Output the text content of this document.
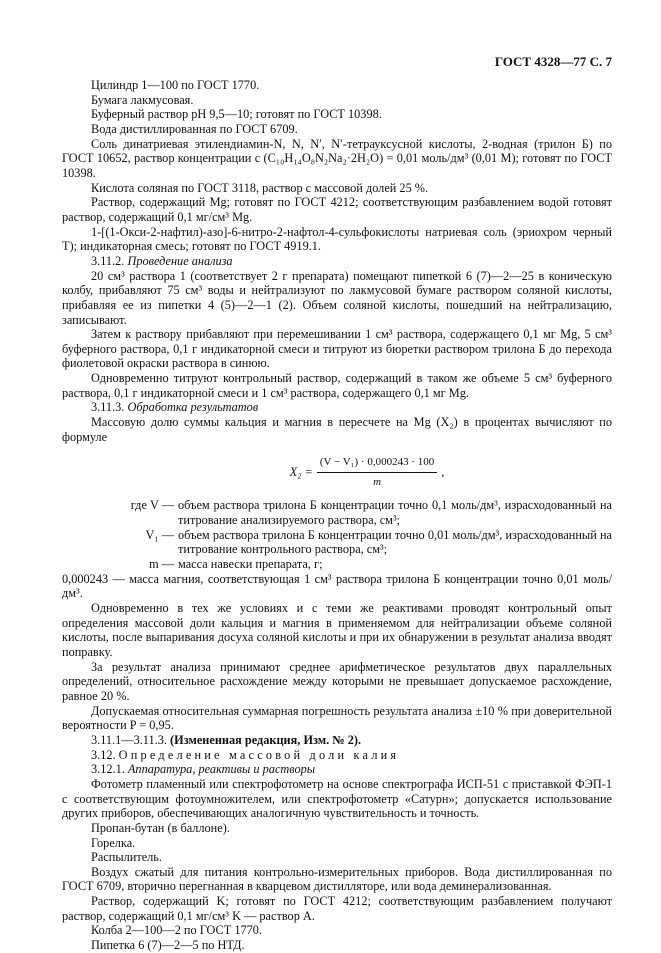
ГОСТ 4328—77 С. 7

Цилиндр 1—100 по ГОСТ 1770.

Бумага лакмусовая.

Буферный раствор pH 9,5—10; готовят по ГОСТ 10398.

Вода дистиллированная по ГОСТ 6709.

Соль динатриевая этилендиамин-N, N, N′, N′-тетрауксусной кислоты, 2-водная (трилон Б) по ГОСТ 10652, раствор концентрации с (C₁₀H₁₄O₈N₂Na₂·2H₂O) = 0,01 моль/дм³ (0,01 М); готовят по ГОСТ 10398.

Кислота соляная по ГОСТ 3118, раствор с массовой долей 25 %.

Раствор, содержащий Mg; готовят по ГОСТ 4212; соответствующим разбавлением водой готовят раствор, содержащий 0,1 мг/см³ Mg.

1-[(1-Окси-2-нафтил)-азо]-6-нитро-2-нафтол-4-сульфокислоты натриевая соль (эриохром черный Т); индикаторная смесь; готовят по ГОСТ 4919.1.

3.11.2. Проведение анализа

20 см³ раствора 1 (соответствует 2 г препарата) помещают пипеткой 6 (7)—2—25 в коническую колбу, прибавляют 75 см³ воды и нейтрализуют по лакмусовой бумаге раствором соляной кислоты, прибавляя ее из пипетки 4 (5)—2—1 (2). Объем соляной кислоты, пошедший на нейтрализацию, записывают.

Затем к раствору прибавляют при перемешивании 1 см³ раствора, содержащего 0,1 мг Mg, 5 см³ буферного раствора, 0,1 г индикаторной смеси и титруют из бюретки раствором трилона Б до перехода фиолетовой окраски раствора в синюю.

Одновременно титруют контрольный раствор, содержащий в таком же объеме 5 см³ буферного раствора, 0,1 г индикаторной смеси и 1 см³ раствора, содержащего 0,1 мг Mg.

3.11.3. Обработка результатов

Массовую долю суммы кальция и магния в пересчете на Mg (X₂) в процентах вычисляют по формуле

$X_2 = \frac{\text{(V − V₁) · 0,000243 · 100}}{m}$ ,

где V — объем раствора трилона Б концентрации точно 0,1 моль/дм³, израсходованный на титрование анализируемого раствора, см³;

V₁ — объем раствора трилона Б концентрации точно 0,01 моль/дм³, израсходованный на титрование контрольного раствора, см³;

m — масса навески препарата, г;

0,000243 — масса магния, соответствующая 1 см³ раствора трилона Б концентрации точно 0,01 моль/дм³.

Одновременно в тех же условиях и с теми же реактивами проводят контрольный опыт определения массовой доли кальция и магния в применяемом для нейтрализации объеме соляной кислоты, после выпаривания досуха соляной кислоты и при их обнаружении в результат анализа вводят поправку.

За результат анализа принимают среднее арифметическое результатов двух параллельных определений, относительное расхождение между которыми не превышает допускаемое расхождение, равное 20 %.

Допускаемая относительная суммарная погрешность результата анализа ±10 % при доверительной вероятности P = 0,95.

3.11.1—3.11.3. (Измененная редакция, Изм. № 2).

3.12. Определение массовой доли калия

3.12.1. Аппаратура, реактивы и растворы

Фотометр пламенный или спектрофотометр на основе спектрографа ИСП-51 с приставкой ФЭП-1 с соответствующим фотоумножителем, или спектрофотометр «Сатурн»; допускается использование других приборов, обеспечивающих аналогичную чувствительность и точность.

Пропан-бутан (в баллоне).

Горелка.

Распылитель.

Воздух сжатый для питания контрольно-измерительных приборов. Вода дистиллированная по ГОСТ 6709, вторично перегнанная в кварцевом дистилляторе, или вода деминерализованная.

Раствор, содержащий K; готовят по ГОСТ 4212; соответствующим разбавлением получают раствор, содержащий 0,1 мг/см³ K — раствор А.

Колба 2—100—2 по ГОСТ 1770.

Пипетка 6 (7)—2—5 по НТД.
